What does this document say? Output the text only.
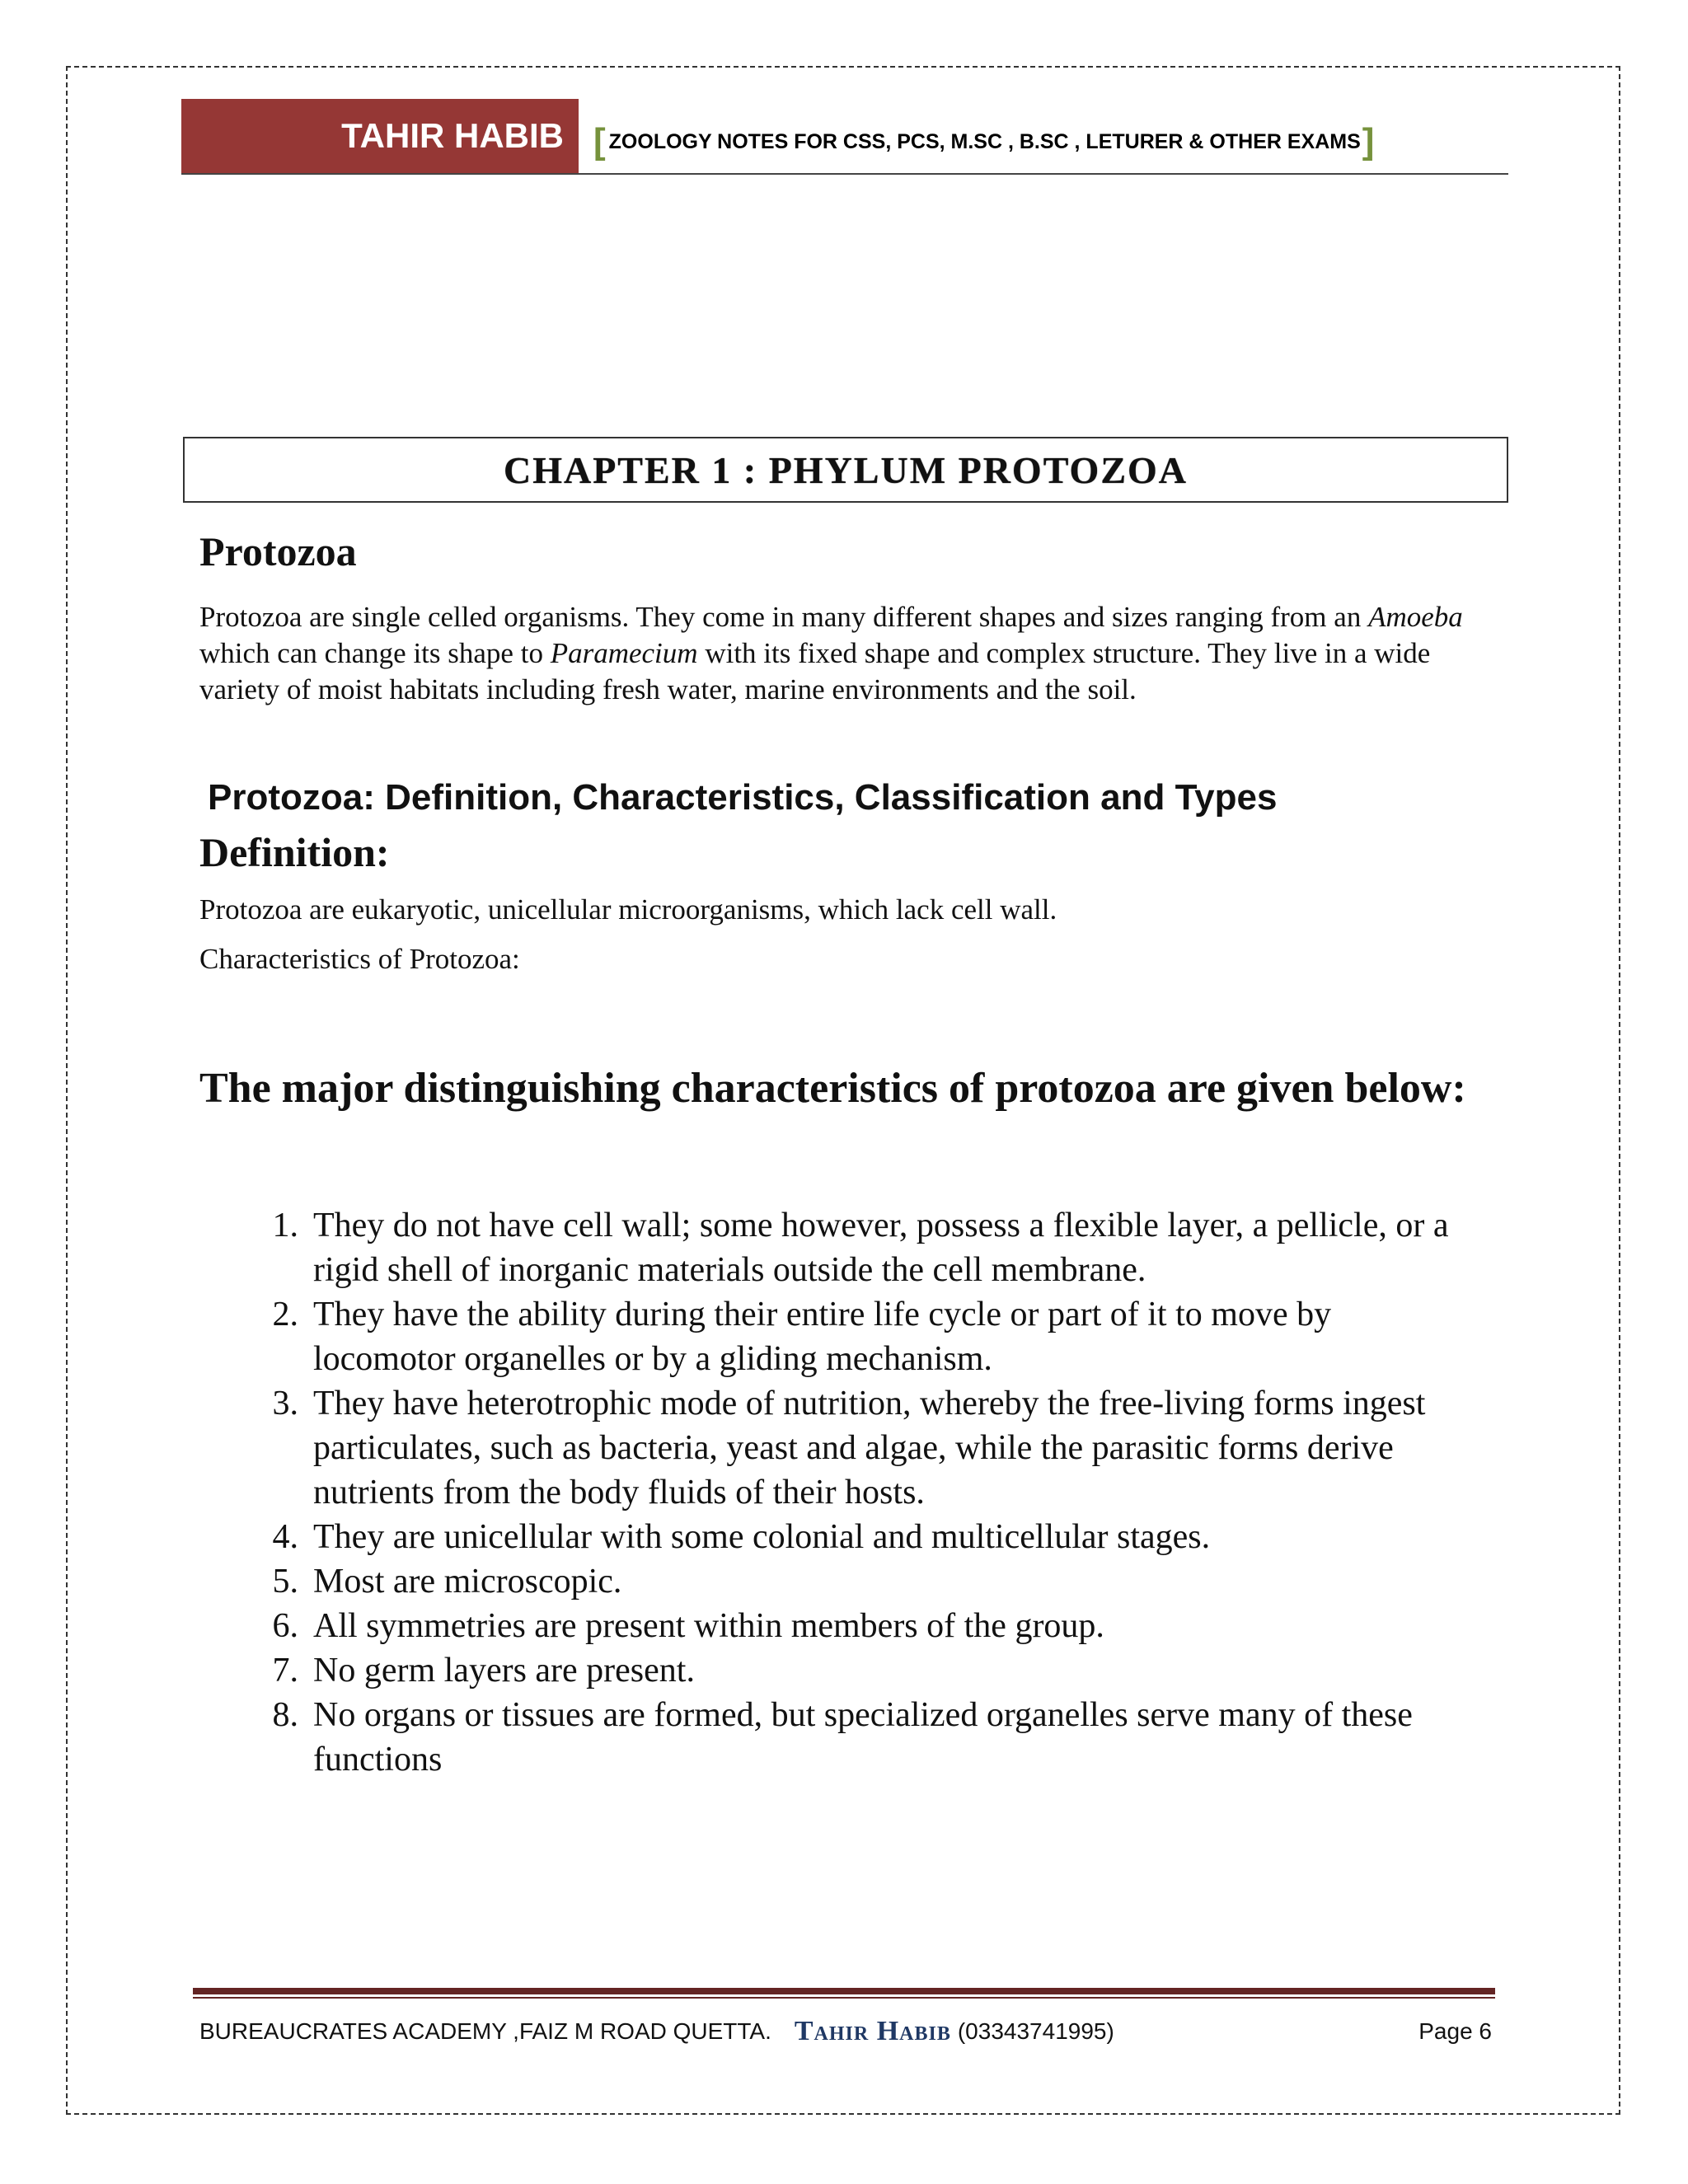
TAHIR HABIB [ ZOOLOGY NOTES FOR CSS, PCS, M.SC , B.SC , LETURER & OTHER EXAMS ]
CHAPTER 1 : PHYLUM PROTOZOA
Protozoa
Protozoa are single celled organisms. They come in many different shapes and sizes ranging from an Amoeba which can change its shape to Paramecium with its fixed shape and complex structure. They live in a wide variety of moist habitats including fresh water, marine environments and the soil.
Protozoa: Definition, Characteristics, Classification and Types
Definition:
Protozoa are eukaryotic, unicellular microorganisms, which lack cell wall.
Characteristics of Protozoa:
The major distinguishing characteristics of protozoa are given below:
1. They do not have cell wall; some however, possess a flexible layer, a pellicle, or a rigid shell of inorganic materials outside the cell membrane.
2. They have the ability during their entire life cycle or part of it to move by locomotor organelles or by a gliding mechanism.
3. They have heterotrophic mode of nutrition, whereby the free-living forms ingest particulates, such as bacteria, yeast and algae, while the parasitic forms derive nutrients from the body fluids of their hosts.
4. They are unicellular with some colonial and multicellular stages.
5. Most are microscopic.
6. All symmetries are present within members of the group.
7. No germ layers are present.
8. No organs or tissues are formed, but specialized organelles serve many of these functions
BUREAUCRATES ACADEMY ,FAIZ M ROAD QUETTA. Tahir Habib (03343741995)	Page 6
